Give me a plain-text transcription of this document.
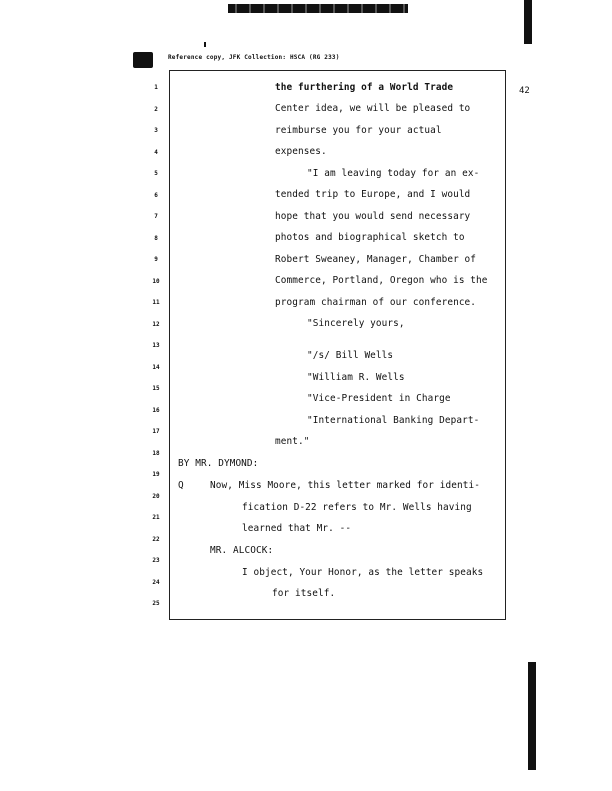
Reference copy, JFK Collection: HSCA (RG 233)
42
1
2
3
4
5
6
7
8
9
10
11
12
13
14
15
16
17
18
19
20
21
22
23
24
25
the furthering of a World Trade
Center idea, we will be pleased to
reimburse you for your actual
expenses.
"I am leaving today for an ex-
tended trip to Europe, and I would
hope that you would send necessary
photos and biographical sketch to
Robert Sweaney, Manager, Chamber of
Commerce, Portland, Oregon who is the
program chairman of our conference.
"Sincerely yours,
"/s/ Bill Wells
"William R. Wells
"Vice-President in Charge
"International Banking Depart-
ment."
BY MR. DYMOND:
Q	Now, Miss Moore, this letter marked for identi-
fication D-22 refers to Mr. Wells having
learned that Mr. --
MR. ALCOCK:
I object, Your Honor, as the letter speaks
for itself.
